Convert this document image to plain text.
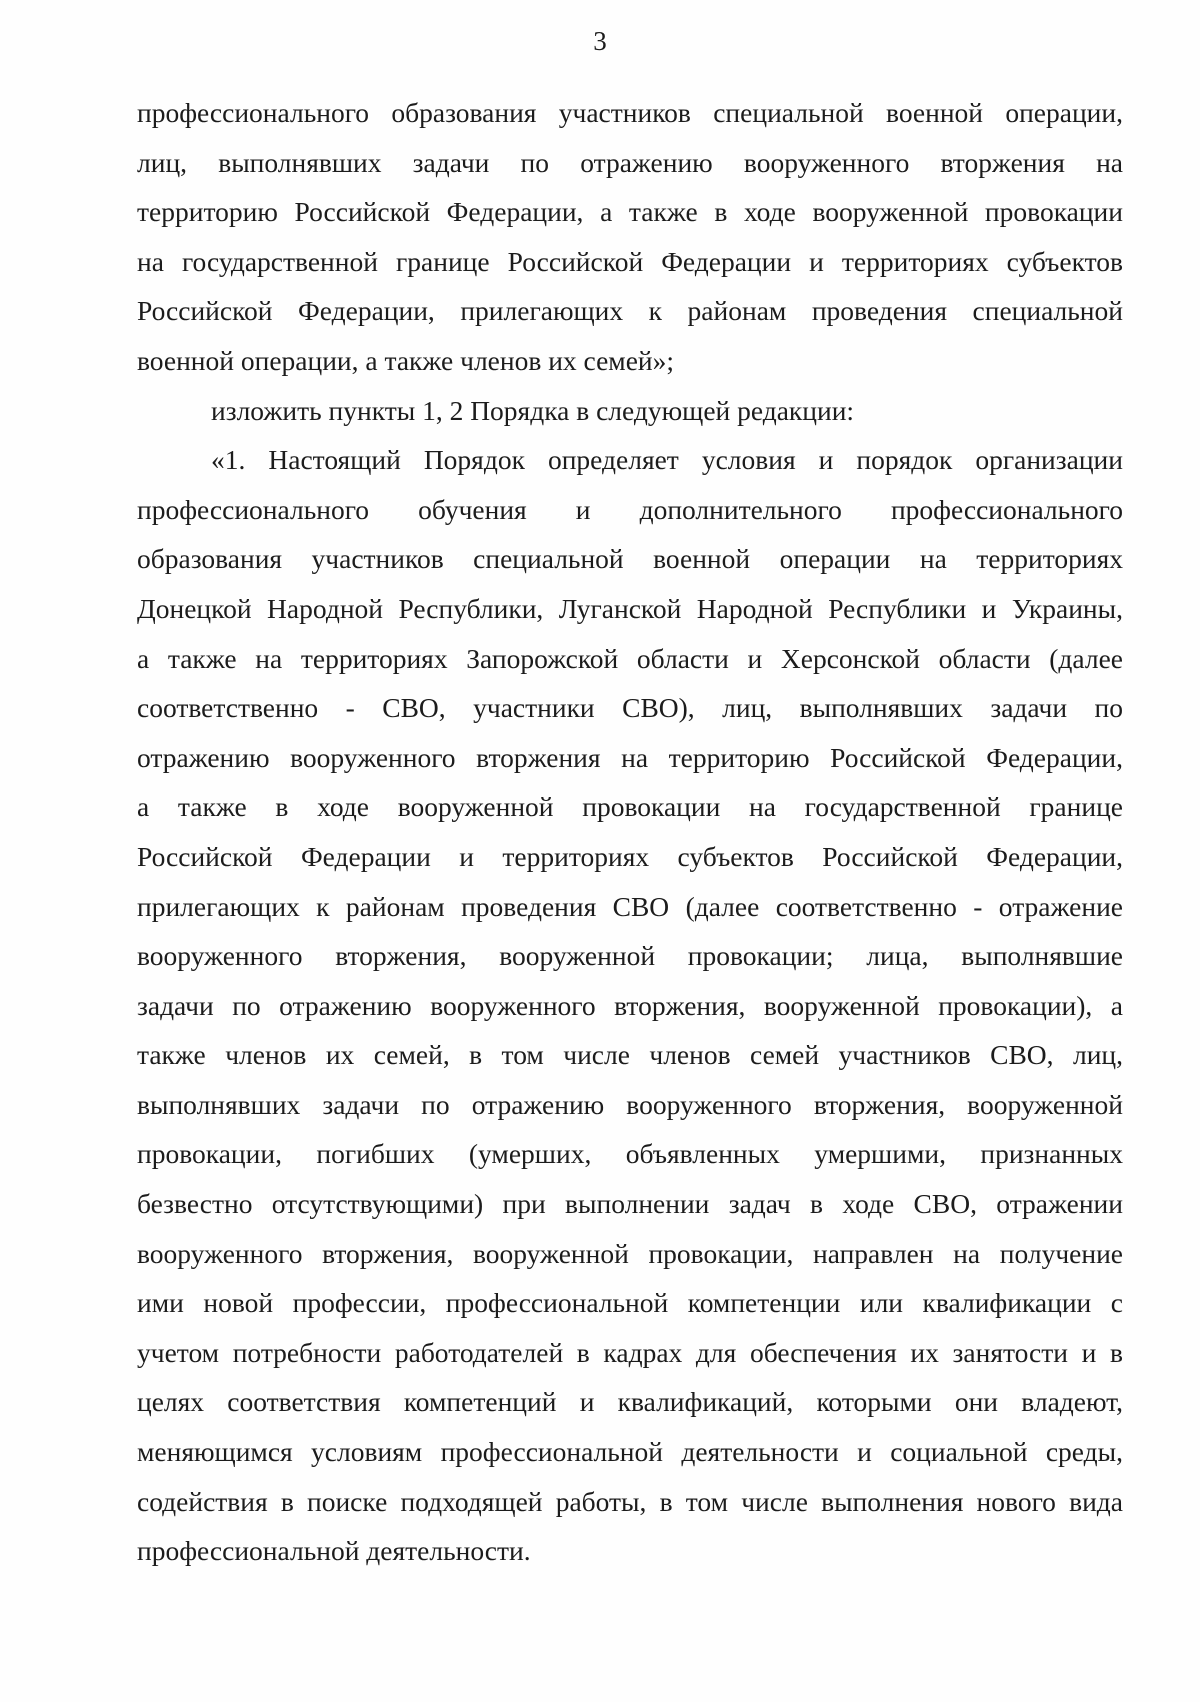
3
профессионального образования участников специальной военной операции,
лиц, выполнявших задачи по отражению вооруженного вторжения на
территорию Российской Федерации, а также в ходе вооруженной провокации
на государственной границе Российской Федерации и территориях субъектов
Российской Федерации, прилегающих к районам проведения специальной
военной операции, а также членов их семей»;
изложить пункты 1, 2 Порядка в следующей редакции:
«1. Настоящий Порядок определяет условия и порядок организации
профессионального обучения и дополнительного профессионального
образования участников специальной военной операции на территориях
Донецкой Народной Республики, Луганской Народной Республики и Украины,
а также на территориях Запорожской области и Херсонской области (далее
соответственно - СВО, участники СВО), лиц, выполнявших задачи по
отражению вооруженного вторжения на территорию Российской Федерации,
а также в ходе вооруженной провокации на государственной границе
Российской Федерации и территориях субъектов Российской Федерации,
прилегающих к районам проведения СВО (далее соответственно - отражение
вооруженного вторжения, вооруженной провокации; лица, выполнявшие
задачи по отражению вооруженного вторжения, вооруженной провокации), а
также членов их семей, в том числе членов семей участников СВО, лиц,
выполнявших задачи по отражению вооруженного вторжения, вооруженной
провокации, погибших (умерших, объявленных умершими, признанных
безвестно отсутствующими) при выполнении задач в ходе СВО, отражении
вооруженного вторжения, вооруженной провокации, направлен на получение
ими новой профессии, профессиональной компетенции или квалификации с
учетом потребности работодателей в кадрах для обеспечения их занятости и в
целях соответствия компетенций и квалификаций, которыми они владеют,
меняющимся условиям профессиональной деятельности и социальной среды,
содействия в поиске подходящей работы, в том числе выполнения нового вида
профессиональной деятельности.
